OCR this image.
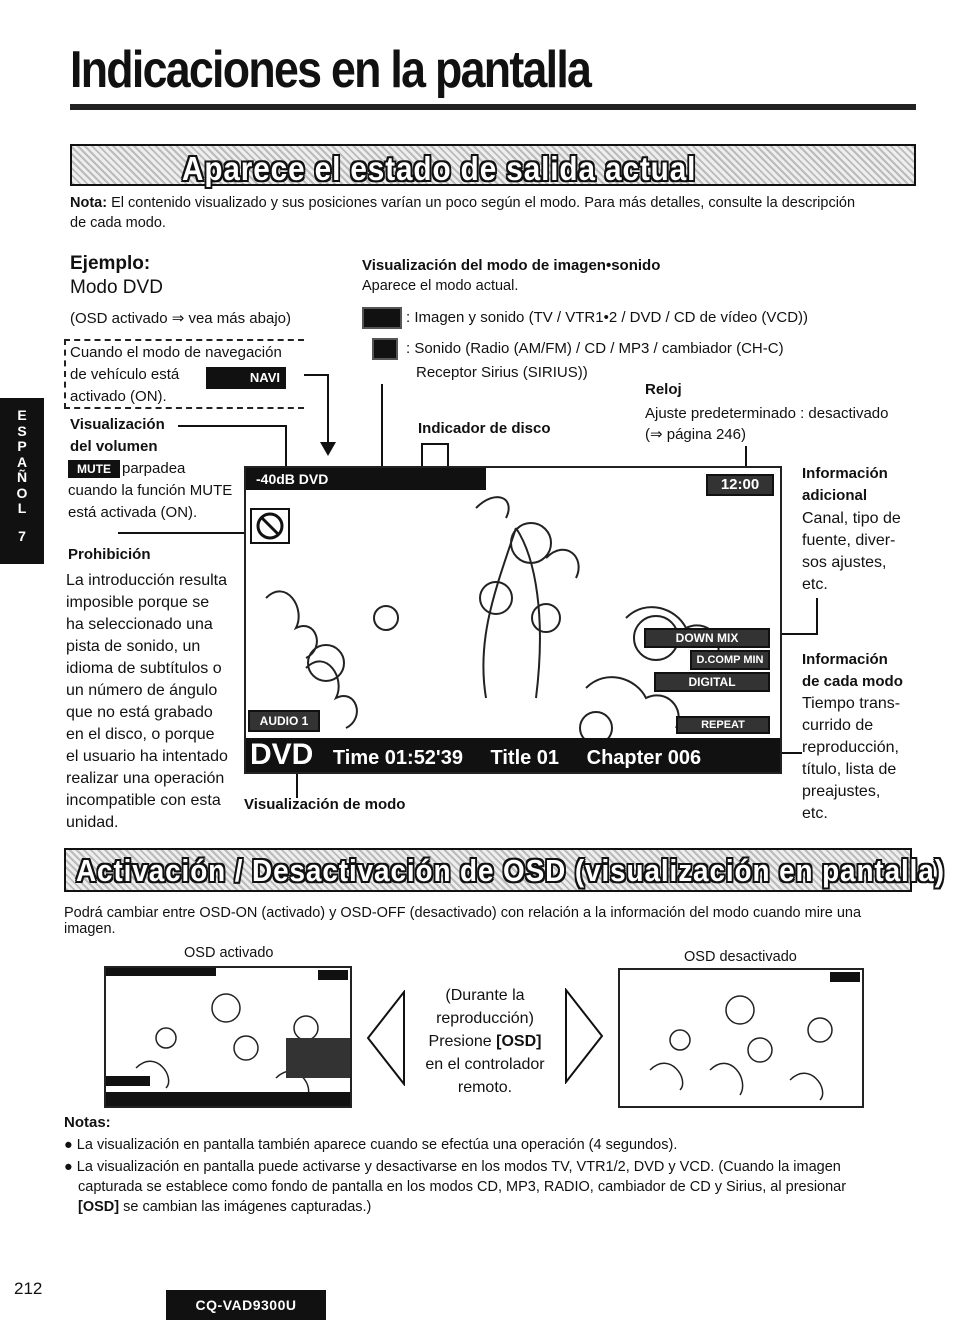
Indicaciones en la pantalla
Aparece el estado de salida actual
Nota: El contenido visualizado y sus posiciones varían un poco según el modo. Para más detalles, consulte la descripción
de cada modo.
Ejemplo:
Modo DVD
(OSD activado ⇒ vea más abajo)
Cuando el modo de navegación
de vehículo está
activado (ON).
NAVI
E
S
P
A
Ñ
O
L
7
Visualización
del volumen
MUTE parpadea
cuando la función MUTE
está activada (ON).
Prohibición
La introducción resulta
imposible porque se
ha seleccionado una
pista de sonido, un
idioma de subtítulos o
un número de ángulo
que no está grabado
en el disco, o porque
el usuario ha intentado
realizar una operación
incompatible con esta
unidad.
Visualización del modo de imagen•sonido
Aparece el modo actual.
: Imagen y sonido (TV / VTR1•2 / DVD / CD de vídeo (VCD))
: Sonido (Radio (AM/FM) / CD / MP3 / cambiador (CH-C)
Receptor Sirius (SIRIUS))
Reloj
Ajuste predeterminado : desactivado
(⇒ página 246)
Indicador de disco
Información
adicional
Canal, tipo de
fuente, diver-
sos ajustes,
etc.
Información
de cada modo
Tiempo trans-
currido de
reproducción,
título, lista de
preajustes,
etc.
-40dB DVD	12:00
DOWN MIX
D.COMP MIN
DIGITAL
REPEAT
AUDIO 1
DVD Time 01:52'39 Title 01 Chapter 006
Visualización de modo
Activación / Desactivación de OSD (visualización en pantalla)
Podrá cambiar entre OSD-ON (activado) y OSD-OFF (desactivado) con relación a la información del modo cuando mire una
imagen.
OSD activado	OSD desactivado
(Durante la
reproducción)
Presione [OSD]
en el controlador
remoto.
Notas:
● La visualización en pantalla también aparece cuando se efectúa una operación (4 segundos).
● La visualización en pantalla puede activarse y desactivarse en los modos TV, VTR1/2, DVD y VCD. (Cuando la imagen
capturada se establece como fondo de pantalla en los modos CD, MP3, RADIO, cambiador de CD y Sirius, al presionar
[OSD] se cambian las imágenes capturadas.)
212
CQ-VAD9300U
